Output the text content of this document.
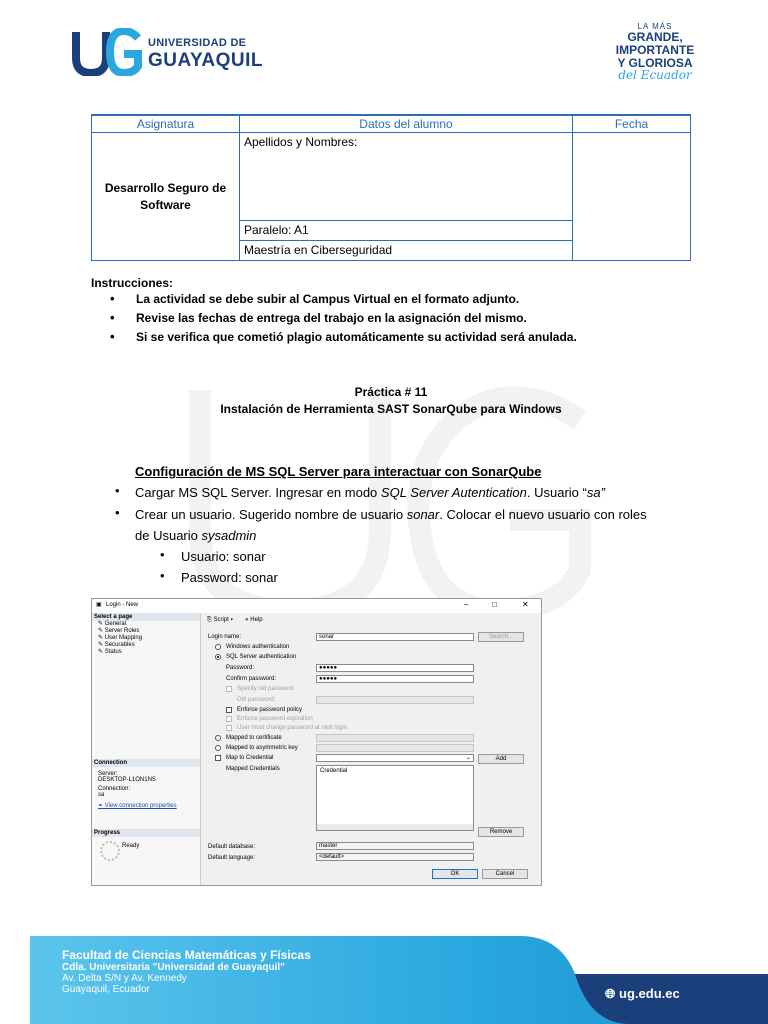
UNIVERSIDAD DE
GUAYAQUIL
LA MÁS
GRANDE,
IMPORTANTE
Y GLORIOSA
del Ecuador
Asignatura	Datos del alumno	Fecha
Desarrollo Seguro de Software	Apellidos y Nombres:	
	Paralelo: A1	
	Maestría en Ciberseguridad	
Instrucciones:
• La actividad se debe subir al Campus Virtual en el formato adjunto.
• Revise las fechas de entrega del trabajo en la asignación del mismo.
• Si se verifica que cometió plagio automáticamente su actividad será anulada.
Práctica # 11
Instalación de Herramienta SAST SonarQube para Windows
Configuración de MS SQL Server para interactuar con SonarQube
• Cargar MS SQL Server. Ingresar en modo SQL Server Autentication. Usuario “sa”
• Crear un usuario. Sugerido nombre de usuario sonar. Colocar el nuevo usuario con roles
de Usuario sysadmin
• Usuario: sonar
• Password: sonar
▣ Login - New	–	□	✕
Select a page
✎ General
✎ Server Roles
✎ User Mapping
✎ Securables
✎ Status
Connection
Server:
DESKTOP-L1ON1NS
Connection:
sa
⚭ View connection properties
Progress
Ready
⎘ Script ▾ ● Help
Login name:	sonar	Search...
Windows authentication
SQL Server authentication
Password:	●●●●●
Confirm password:	●●●●●
Specify old password
Old password:
Enforce password policy
Enforce password expiration
User must change password at next login
Mapped to certificate
Mapped to asymmetric key
Map to Credential	⌄	Add
Mapped Credentials	Credential
Remove
Default database:	master
Default language:	<default>
OK	Cancel
Facultad de Ciencias Matemáticas y Físicas
Cdla. Universitaria "Universidad de Guayaquil"
Av. Delta S/N y Av. Kennedy
Guayaquil, Ecuador	🌐︎ ug.edu.ec
